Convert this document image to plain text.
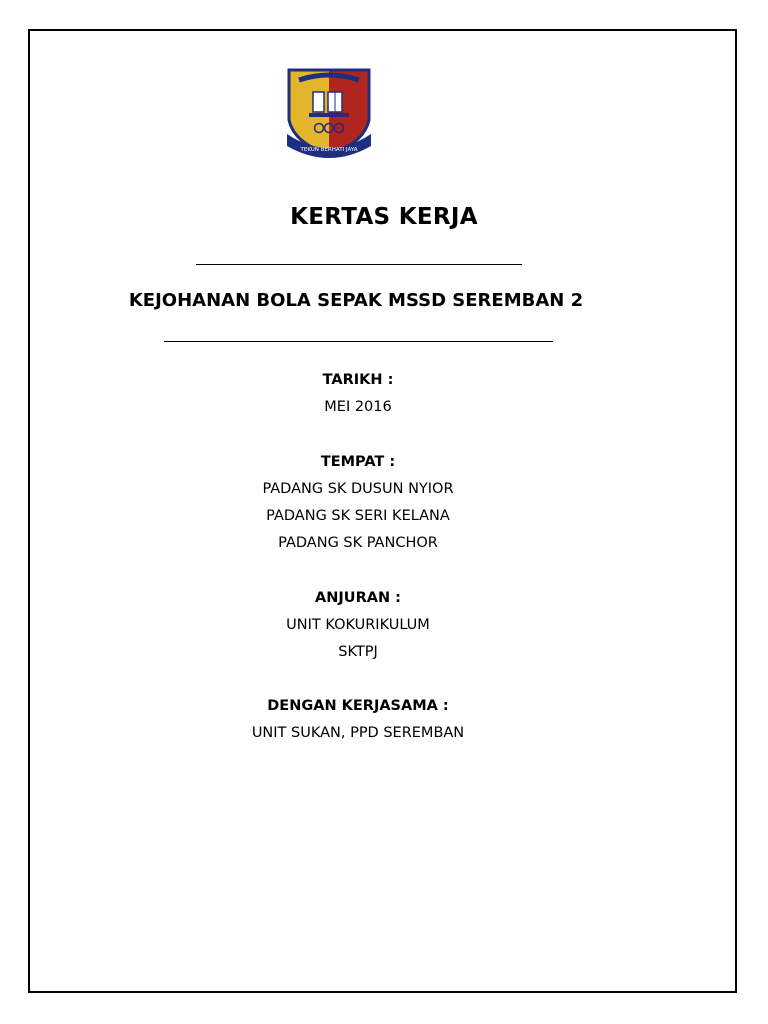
TEKUN BERHATI JAYA
KERTAS KERJA
KEJOHANAN BOLA SEPAK MSSD SEREMBAN 2
TARIKH :
MEI 2016
TEMPAT :
PADANG SK DUSUN NYIOR
PADANG SK SERI KELANA
PADANG SK PANCHOR
ANJURAN :
UNIT KOKURIKULUM
SKTPJ
DENGAN KERJASAMA :
UNIT SUKAN, PPD SEREMBAN
